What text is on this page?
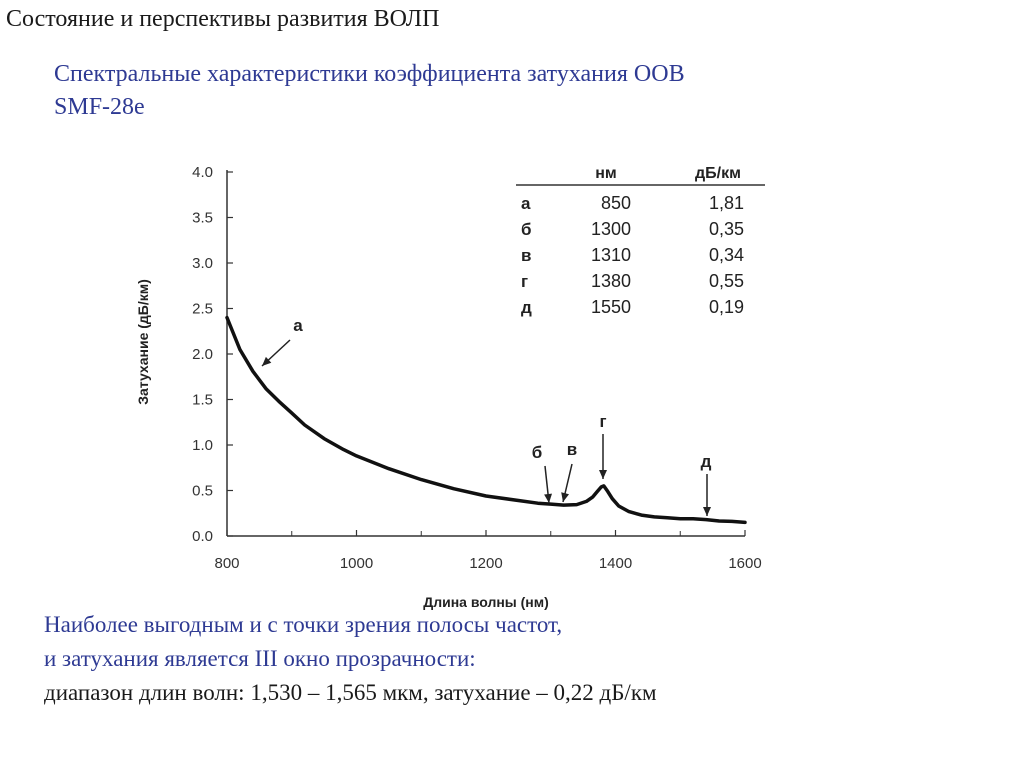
Состояние и перспективы развития ВОЛП
Спектральные характеристики коэффициента затухания ООВ
SMF-28e
0.0
0.5
1.0
1.5
2.0
2.5
3.0
3.5
4.0
800	1000	1200	1400	1600
Длина волны (нм)
Затухание (дБ/км)	а
б в
г
д
нм	дБ/км
а	850	1,81
б	1300	0,35
в	1310	0,34
г	1380	0,55
д	1550	0,19
Наиболее выгодным и с точки зрения полосы частот,
и затухания является III окно прозрачности:
диапазон длин волн: 1,530 – 1,565 мкм, затухание – 0,22 дБ/км
